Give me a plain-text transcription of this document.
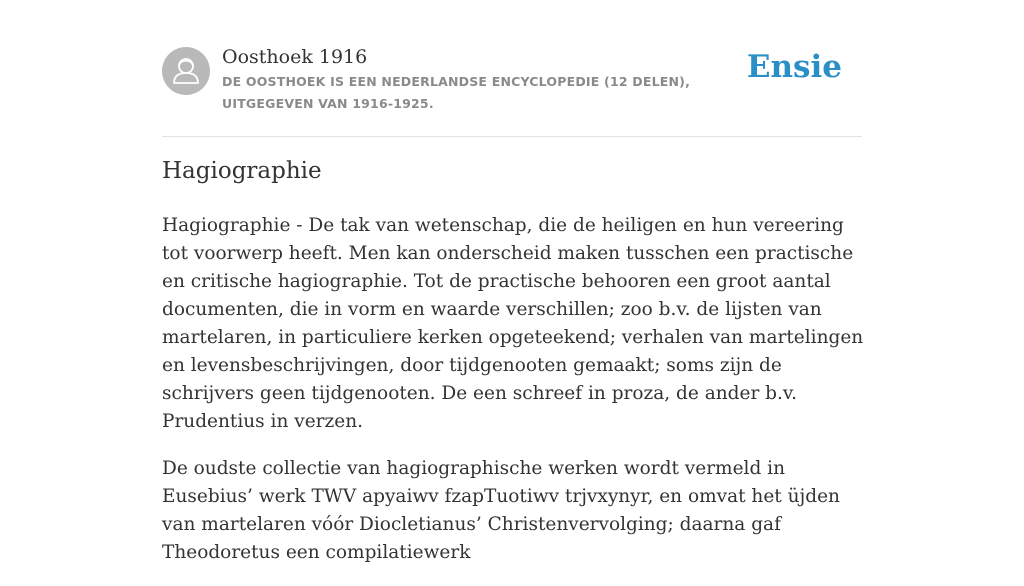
Oosthoek 1916
DE OOSTHOEK IS EEN NEDERLANDSE ENCYCLOPEDIE (12 DELEN), UITGEGEVEN VAN 1916-1925.
Ensie
Hagiographie

Hagiographie - De tak van wetenschap, die de heiligen en hun vereering tot voorwerp heeft. Men kan onderscheid maken tusschen een practische en critische hagiographie. Tot de practische behooren een groot aantal documenten, die in vorm en waarde verschillen; zoo b.v. de lijsten van martelaren, in particuliere kerken opgeteekend; verhalen van martelingen en levensbeschrijvingen, door tijdgenooten gemaakt; soms zijn de schrijvers geen tijdgenooten. De een schreef in proza, de ander b.v. Prudentius in verzen.

De oudste collectie van hagiographische werken wordt vermeld in Eusebius’ werk TWV apyaiwv fzapTuotiwv trjvxynyr, en omvat het üjden van martelaren vóór Diocletianus’ Christenvervolging; daarna gaf Theodoretus een compilatiewerk
